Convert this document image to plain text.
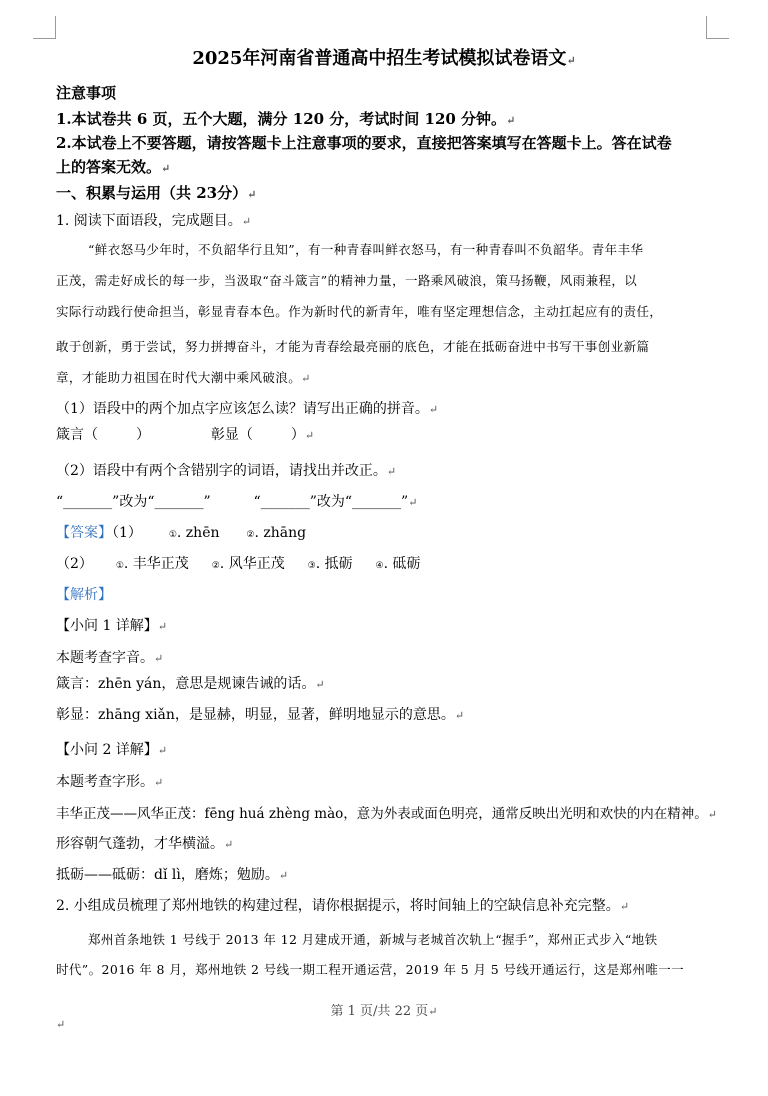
2025年河南省普通高中招生考试模拟试卷语文↵
注意事项
1.本试卷共 6 页，五个大题，满分 120 分，考试时间 120 分钟。↵
2.本试卷上不要答题，请按答题卡上注意事项的要求，直接把答案填写在答题卡上。答在试卷
上的答案无效。↵
一、积累与运用（共 23分）↵
1. 阅读下面语段，完成题目。↵
“鲜衣怒马少年时，不负韶华行且知”，有一种青春叫鲜衣怒马，有一种青春叫不负韶华。青年丰华
正茂，需走好成长的每一步，当汲取“奋斗箴言”的精神力量，一路乘风破浪，策马扬鞭，风雨兼程，以
实际行动践行使命担当，彰显青春本色。作为新时代的新青年，唯有坚定理想信念，主动扛起应有的责任，
敢于创新，勇于尝试，努力拼搏奋斗，才能为青春绘最亮丽的底色，才能在抵砺奋进中书写干事创业新篇
章，才能助力祖国在时代大潮中乘风破浪。↵
（1）语段中的两个加点字应该怎么读？请写出正确的拼音。↵
箴言（	）	彰显（	）↵
（2）语段中有两个含错别字的词语，请找出并改正。↵
“_______”改为“_______”	“_______”改为“_______”↵
【答案】（1）	①. zhēn	②. zhāng
（2）	①. 丰华正茂	②. 风华正茂	③. 抵砺	④. 砥砺
【解析】
【小问 1 详解】↵
本题考查字音。↵
箴言：zhēn yán，意思是规谏告诫的话。↵
彰显：zhāng xiǎn，是显赫，明显，显著，鲜明地显示的意思。↵
【小问 2 详解】↵
本题考查字形。↵
丰华正茂——风华正茂：fēng huá zhèng mào，意为外表或面色明亮，通常反映出光明和欢快的内在精神。↵
形容朝气蓬勃，才华横溢。↵
抵砺——砥砺：dǐ lì，磨炼；勉励。↵
2. 小组成员梳理了郑州地铁的构建过程，请你根据提示，将时间轴上的空缺信息补充完整。↵
郑州首条地铁 1 号线于 2013 年 12 月建成开通，新城与老城首次轨上“握手”，郑州正式步入“地铁
时代”。2016 年 8 月，郑州地铁 2 号线一期工程开通运营，2019 年 5 月 5 号线开通运行，这是郑州唯一一
第 1 页/共 22 页↵
↵
